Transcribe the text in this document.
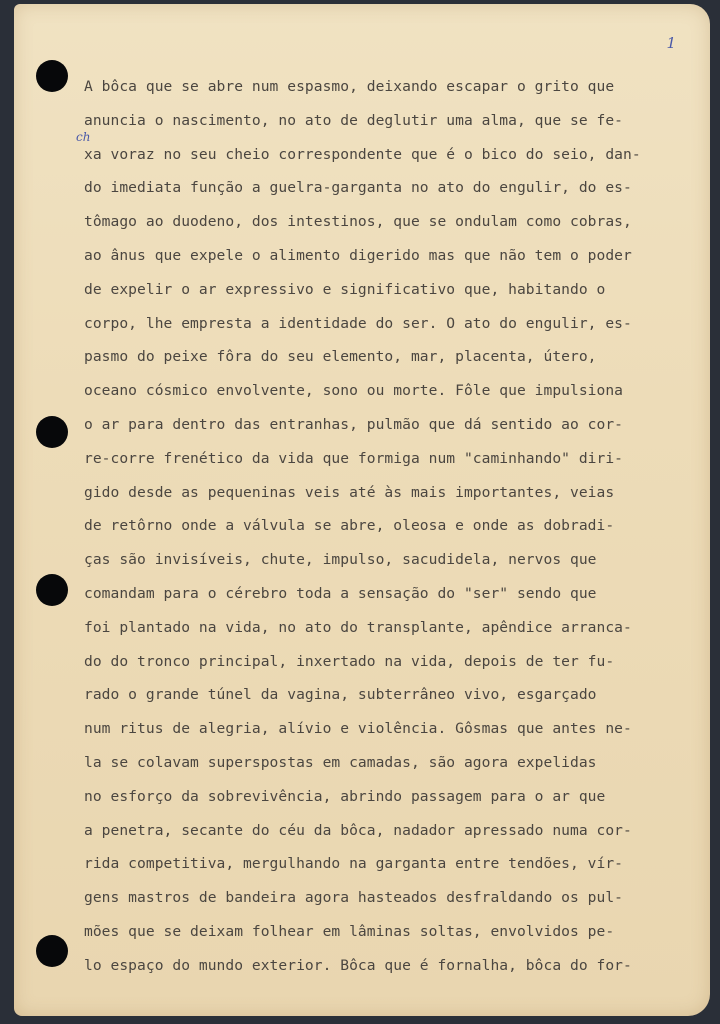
1
ch
A bôca que se abre num espasmo, deixando escapar o grito que
anuncia o nascimento, no ato de deglutir uma alma, que se fe-
xa voraz no seu cheio correspondente que é o bico do seio, dan-
do imediata função a guelra-garganta no ato do engulir, do es-
tômago ao duodeno, dos intestinos, que se ondulam como cobras,
ao ânus que expele o alimento digerido mas que não tem o poder
de expelir o ar expressivo e significativo que, habitando o
corpo, lhe empresta a identidade do ser. O ato do engulir, es-
pasmo do peixe fôra do seu elemento, mar, placenta, útero,
oceano cósmico envolvente, sono ou morte. Fôle que impulsiona
o ar para dentro das entranhas, pulmão que dá sentido ao cor-
re-corre frenético da vida que formiga num "caminhando" diri-
gido desde as pequeninas veis até às mais importantes, veias
de retôrno onde a válvula se abre, oleosa e onde as dobradi-
ças são invisíveis, chute, impulso, sacudidela, nervos que
comandam para o cérebro toda a sensação do "ser" sendo que
foi plantado na vida, no ato do transplante, apêndice arranca-
do do tronco principal, inxertado na vida, depois de ter fu-
rado o grande túnel da vagina, subterrâneo vivo, esgarçado
num ritus de alegria, alívio e violência. Gôsmas que antes ne-
la se colavam superspostas em camadas, são agora expelidas
no esforço da sobrevivência, abrindo passagem para o ar que
a penetra, secante do céu da bôca, nadador apressado numa cor-
rida competitiva, mergulhando na garganta entre tendões, vír-
gens mastros de bandeira agora hasteados desfraldando os pul-
mões que se deixam folhear em lâminas soltas, envolvidos pe-
lo espaço do mundo exterior. Bôca que é fornalha, bôca do for-
